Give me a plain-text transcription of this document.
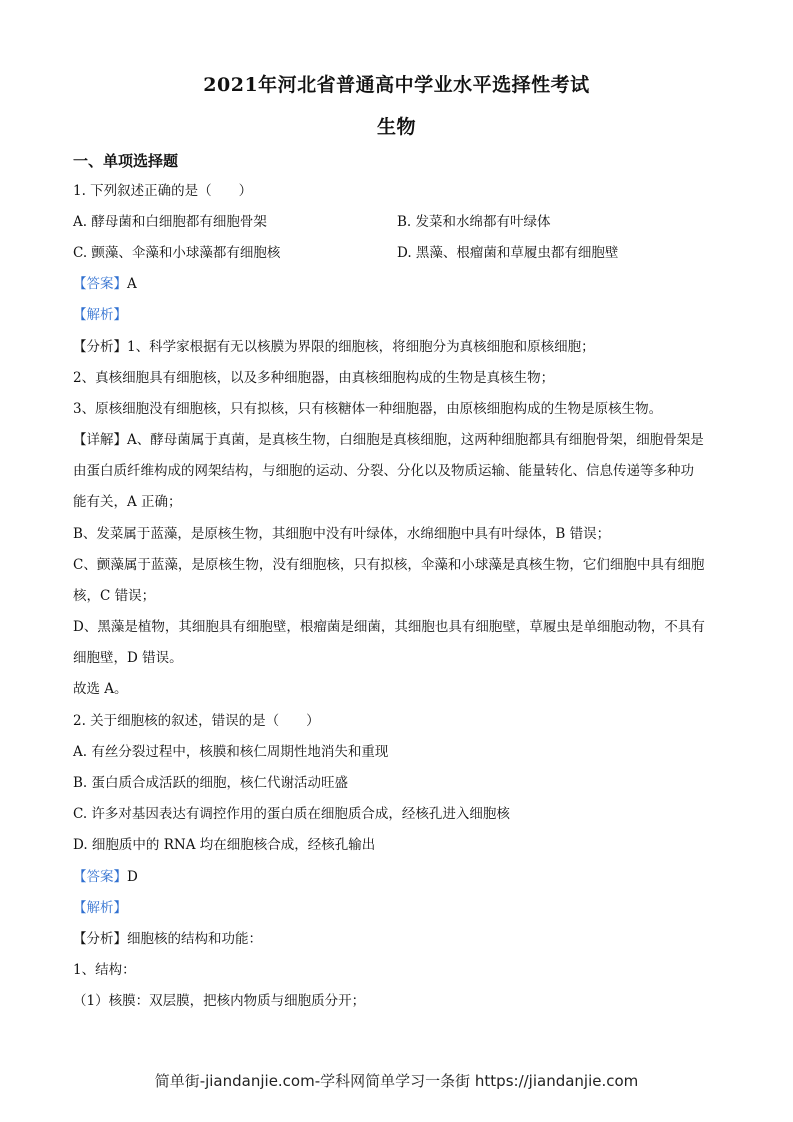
2021年河北省普通高中学业水平选择性考试
生物
一、单项选择题
1. 下列叙述正确的是（　　）
A. 酵母菌和白细胞都有细胞骨架	B. 发菜和水绵都有叶绿体
C. 颤藻、伞藻和小球藻都有细胞核	D. 黑藻、根瘤菌和草履虫都有细胞壁
【答案】A
【解析】
【分析】1、科学家根据有无以核膜为界限的细胞核，将细胞分为真核细胞和原核细胞；
2、真核细胞具有细胞核，以及多种细胞器，由真核细胞构成的生物是真核生物；
3、原核细胞没有细胞核，只有拟核，只有核糖体一种细胞器，由原核细胞构成的生物是原核生物。
【详解】A、酵母菌属于真菌，是真核生物，白细胞是真核细胞，这两种细胞都具有细胞骨架，细胞骨架是
由蛋白质纤维构成的网架结构，与细胞的运动、分裂、分化以及物质运输、能量转化、信息传递等多种功
能有关，A 正确；
B、发菜属于蓝藻，是原核生物，其细胞中没有叶绿体，水绵细胞中具有叶绿体，B 错误；
C、颤藻属于蓝藻，是原核生物，没有细胞核，只有拟核，伞藻和小球藻是真核生物，它们细胞中具有细胞
核，C 错误；
D、黑藻是植物，其细胞具有细胞壁，根瘤菌是细菌，其细胞也具有细胞壁，草履虫是单细胞动物，不具有
细胞壁，D 错误。
故选 A。
2. 关于细胞核的叙述，错误的是（　　）
A. 有丝分裂过程中，核膜和核仁周期性地消失和重现
B. 蛋白质合成活跃的细胞，核仁代谢活动旺盛
C. 许多对基因表达有调控作用的蛋白质在细胞质合成，经核孔进入细胞核
D. 细胞质中的 RNA 均在细胞核合成，经核孔输出
【答案】D
【解析】
【分析】细胞核的结构和功能：
1、结构：
（1）核膜：双层膜，把核内物质与细胞质分开；
简单街-jiandanjie.com-学科网简单学习一条街 https://jiandanjie.com
